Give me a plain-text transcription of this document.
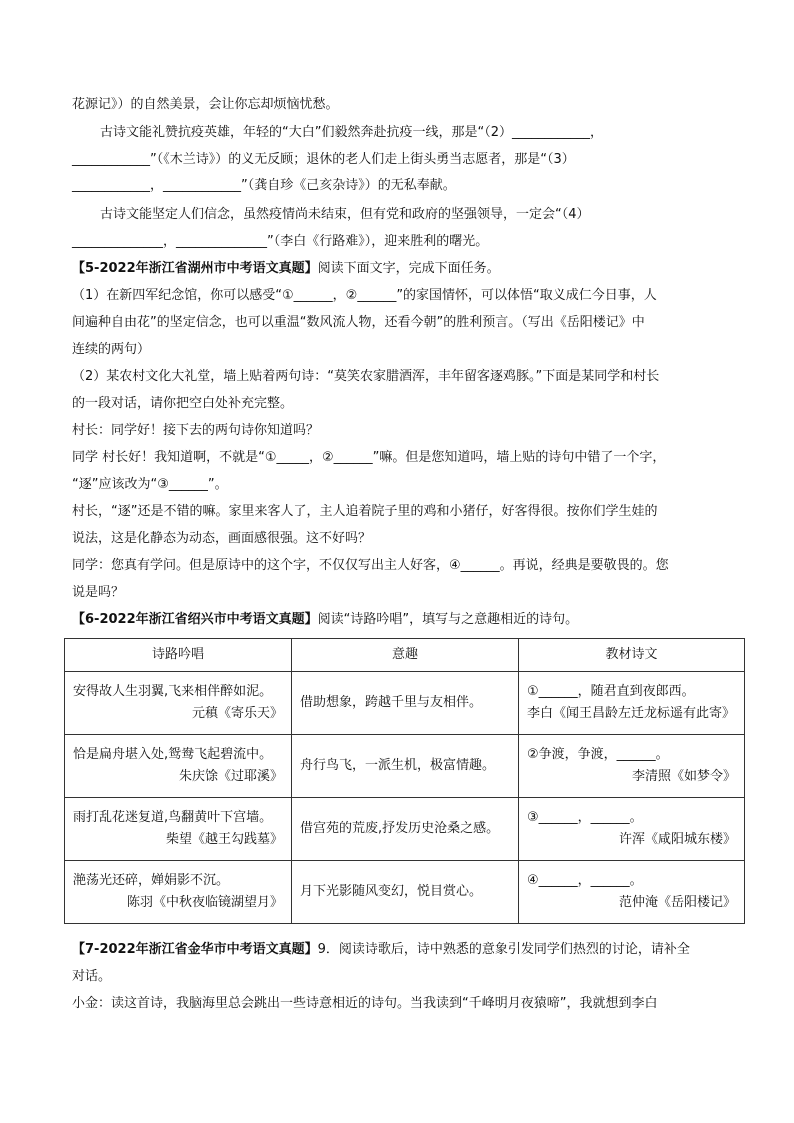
花源记》）的自然美景，会让你忘却烦恼忧愁。
古诗文能礼赞抗疫英雄，年轻的“大白”们毅然奔赴抗疫一线，那是“（2）____________，
____________”（《木兰诗》）的义无反顾；退休的老人们走上街头勇当志愿者，那是“（3）
____________，____________”（龚自珍《己亥杂诗》）的无私奉献。
古诗文能坚定人们信念，虽然疫情尚未结束，但有党和政府的坚强领导，一定会“（4）
______________，______________”（李白《行路难》），迎来胜利的曙光。
【5-2022年浙江省湖州市中考语文真题】阅读下面文字，完成下面任务。
（1）在新四军纪念馆，你可以感受“①______，②______”的家国情怀，可以体悟“取义成仁今日事，人
间遍种自由花”的坚定信念，也可以重温“数风流人物，还看今朝”的胜利预言。（写出《岳阳楼记》中
连续的两句）
（2）某农村文化大礼堂，墙上贴着两句诗：“莫笑农家腊酒浑，丰年留客逐鸡豚。”下面是某同学和村长
的一段对话，请你把空白处补充完整。
村长：同学好！接下去的两句诗你知道吗？
同学 村长好！我知道啊，不就是“①_____，②______”嘛。但是您知道吗，墙上贴的诗句中错了一个字，
“逐”应该改为“③______”。
村长，“逐”还是不错的嘛。家里来客人了，主人追着院子里的鸡和小猪仔，好客得很。按你们学生娃的
说法，这是化静态为动态，画面感很强。这不好吗？
同学：您真有学问。但是原诗中的这个字，不仅仅写出主人好客，④______。再说，经典是要敬畏的。您
说是吗？
【6-2022年浙江省绍兴市中考语文真题】阅读“诗路吟唱”，填写与之意趣相近的诗句。
诗路吟唱	意趣	教材诗文

安得故人生羽翼,飞来相伴醉如泥。
元稹《寄乐天》	借助想象，跨越千里与友相伴。	①______，随君直到夜郎西。
李白《闻王昌龄左迁龙标遥有此寄》

恰是扁舟堪入处,鸳鸯飞起碧流中。
朱庆馀《过耶溪》	舟行鸟飞，一派生机，极富情趣。	②争渡，争渡，______。
李清照《如梦令》

雨打乱花迷复道,鸟翻黄叶下宫墙。
柴望《越王勾践墓》	借宫苑的荒废,抒发历史沧桑之感。	③______，______。
许浑《咸阳城东楼》

滟荡光还碎，婵娟影不沉。
陈羽《中秋夜临镜湖望月》	月下光影随风变幻，悦目赏心。	④______，______。
范仲淹《岳阳楼记》
【7-2022年浙江省金华市中考语文真题】9．阅读诗歌后，诗中熟悉的意象引发同学们热烈的讨论，请补全
对话。
小金：读这首诗，我脑海里总会跳出一些诗意相近的诗句。当我读到“千峰明月夜猿啼”，我就想到李白
